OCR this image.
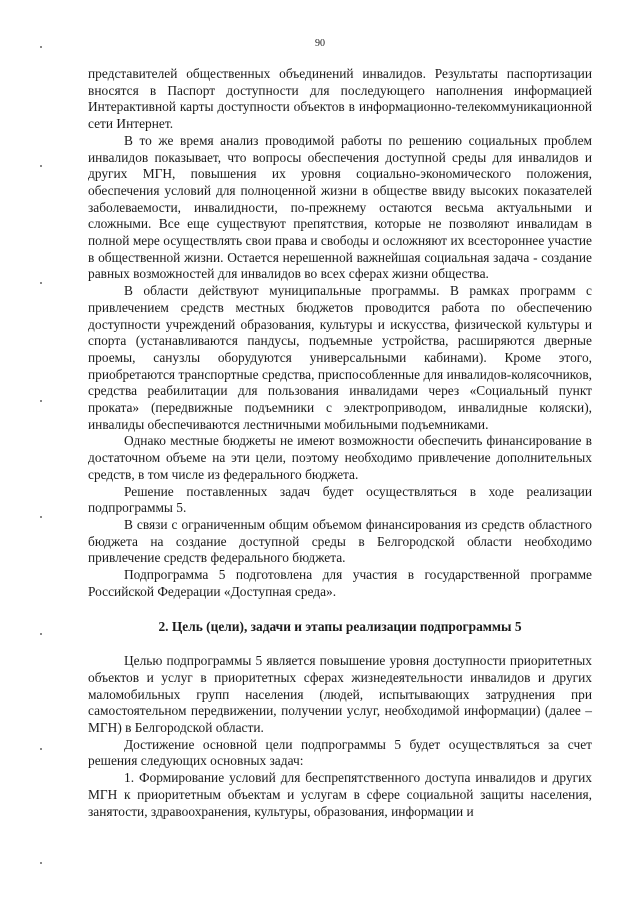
90

представителей общественных объединений инвалидов. Результаты паспортизации вносятся в Паспорт доступности для последующего наполнения информацией Интерактивной карты доступности объектов в информационно-телекоммуникационной сети Интернет.

В то же время анализ проводимой работы по решению социальных проблем инвалидов показывает, что вопросы обеспечения доступной среды для инвалидов и других МГН, повышения их уровня социально-экономического положения, обеспечения условий для полноценной жизни в обществе ввиду высоких показателей заболеваемости, инвалидности, по-прежнему остаются весьма актуальными и сложными. Все еще существуют препятствия, которые не позволяют инвалидам в полной мере осуществлять свои права и свободы и осложняют их всестороннее участие в общественной жизни. Остается нерешенной важнейшая социальная задача - создание равных возможностей для инвалидов во всех сферах жизни общества.

В области действуют муниципальные программы. В рамках программ с привлечением средств местных бюджетов проводится работа по обеспечению доступности учреждений образования, культуры и искусства, физической культуры и спорта (устанавливаются пандусы, подъемные устройства, расширяются дверные проемы, санузлы оборудуются универсальными кабинами). Кроме этого, приобретаются транспортные средства, приспособленные для инвалидов-колясочников, средства реабилитации для пользования инвалидами через «Социальный пункт проката» (передвижные подъемники с электроприводом, инвалидные коляски), инвалиды обеспечиваются лестничными мобильными подъемниками.

Однако местные бюджеты не имеют возможности обеспечить финансирование в достаточном объеме на эти цели, поэтому необходимо привлечение дополнительных средств, в том числе из федерального бюджета.

Решение поставленных задач будет осуществляться в ходе реализации подпрограммы 5.

В связи с ограниченным общим объемом финансирования из средств областного бюджета на создание доступной среды в Белгородской области необходимо привлечение средств федерального бюджета.

Подпрограмма 5 подготовлена для участия в государственной программе Российской Федерации «Доступная среда».

2. Цель (цели), задачи и этапы реализации подпрограммы 5

Целью подпрограммы 5 является повышение уровня доступности приоритетных объектов и услуг в приоритетных сферах жизнедеятельности инвалидов и других маломобильных групп населения (людей, испытывающих затруднения при самостоятельном передвижении, получении услуг, необходимой информации) (далее – МГН) в Белгородской области.

Достижение основной цели подпрограммы 5 будет осуществляться за счет решения следующих основных задач:

1. Формирование условий для беспрепятственного доступа инвалидов и других МГН к приоритетным объектам и услугам в сфере социальной защиты населения, занятости, здравоохранения, культуры, образования, информации и
